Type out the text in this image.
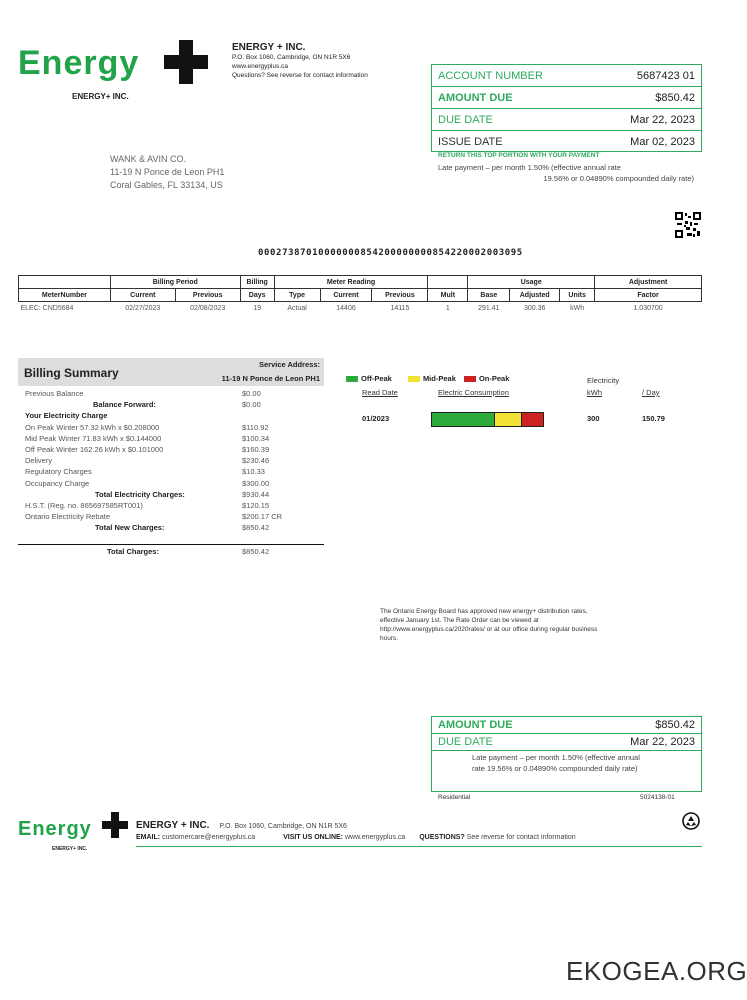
Energy
ENERGY+ INC.
ENERGY + INC.
P.O. Box 1060, Cambridge, ON N1R 5X6
www.energyplus.ca
Questions? See reverse for contact information	ACCOUNT NUMBER	5687423 01
AMOUNT DUE	$850.42
DUE DATE	Mar 22, 2023
ISSUE DATE	Mar 02, 2023
RETURN THIS TOP PORTION WITH YOUR PAYMENT
Late payment – per month 1.50% (effective annual rate
19.56% or 0.04890% compounded daily rate)
WANK & AVIN CO.
11-19 N Ponce de Leon PH1
Coral Gables, FL 33134, US
00027387010000000854200000000854220002003095
	Billing Period		Billing	Meter Reading				Usage			Adjustment
MeterNumber	Current	Previous	Days	Type	Current	Previous	Mult	Base	Adjusted	Units	Factor
ELEC: CND5684	02/27/2023	02/08/2023	19	Actual	14406	14115	1	291.41	300.36	kWh	1.030700
Billing Summary
Service Address:
11-19 N Ponce de Leon PH1
Previous Balance	$0.00
Balance Forward:	$0.00
Your Electricity Charge
On Peak Winter 57.32 kWh x $0.208000	$110.92
Mid Peak Winter 71.83 kWh x $0.144000	$100.34
Off Peak Winter 162.26 kWh x $0.101000	$160.39
Delivery	$230.46
Regulatory Charges	$10.33
Occupancy Charge	$300.00
Total Electricity Charges:	$930.44
H.S.T. (Reg. no. 865697585RT001)	$120.15
Ontario Electricity Rebate	$200.17 CR
Total New Charges:	$850.42
Total Charges:	$850.42
Off-Peak	Mid-Peak	On-Peak
Read Date	Electric Consumption
Electricity
kWh	/ Day
01/2023	300	150.79
The Ontario Energy Board has approved new energy+ distribution rates,
effective January 1st. The Rate Order can be viewed at
http://www.energyplus.ca/2020rates/ or at our office during regular business
hours.
AMOUNT DUE	$850.42
DUE DATE	Mar 22, 2023
Late payment – per month 1.50% (effective annual
rate 19.56% or 0.04890% compounded daily rate)
Residential	5024138-01
Energy
ENERGY+ INC.
ENERGY + INC. P.O. Box 1060, Cambridge, ON N1R 5X6
EMAIL: customercare@energyplus.ca	VISIT US ONLINE: www.energyplus.ca QUESTIONS? See reverse for contact information
EKOGEA.ORG
